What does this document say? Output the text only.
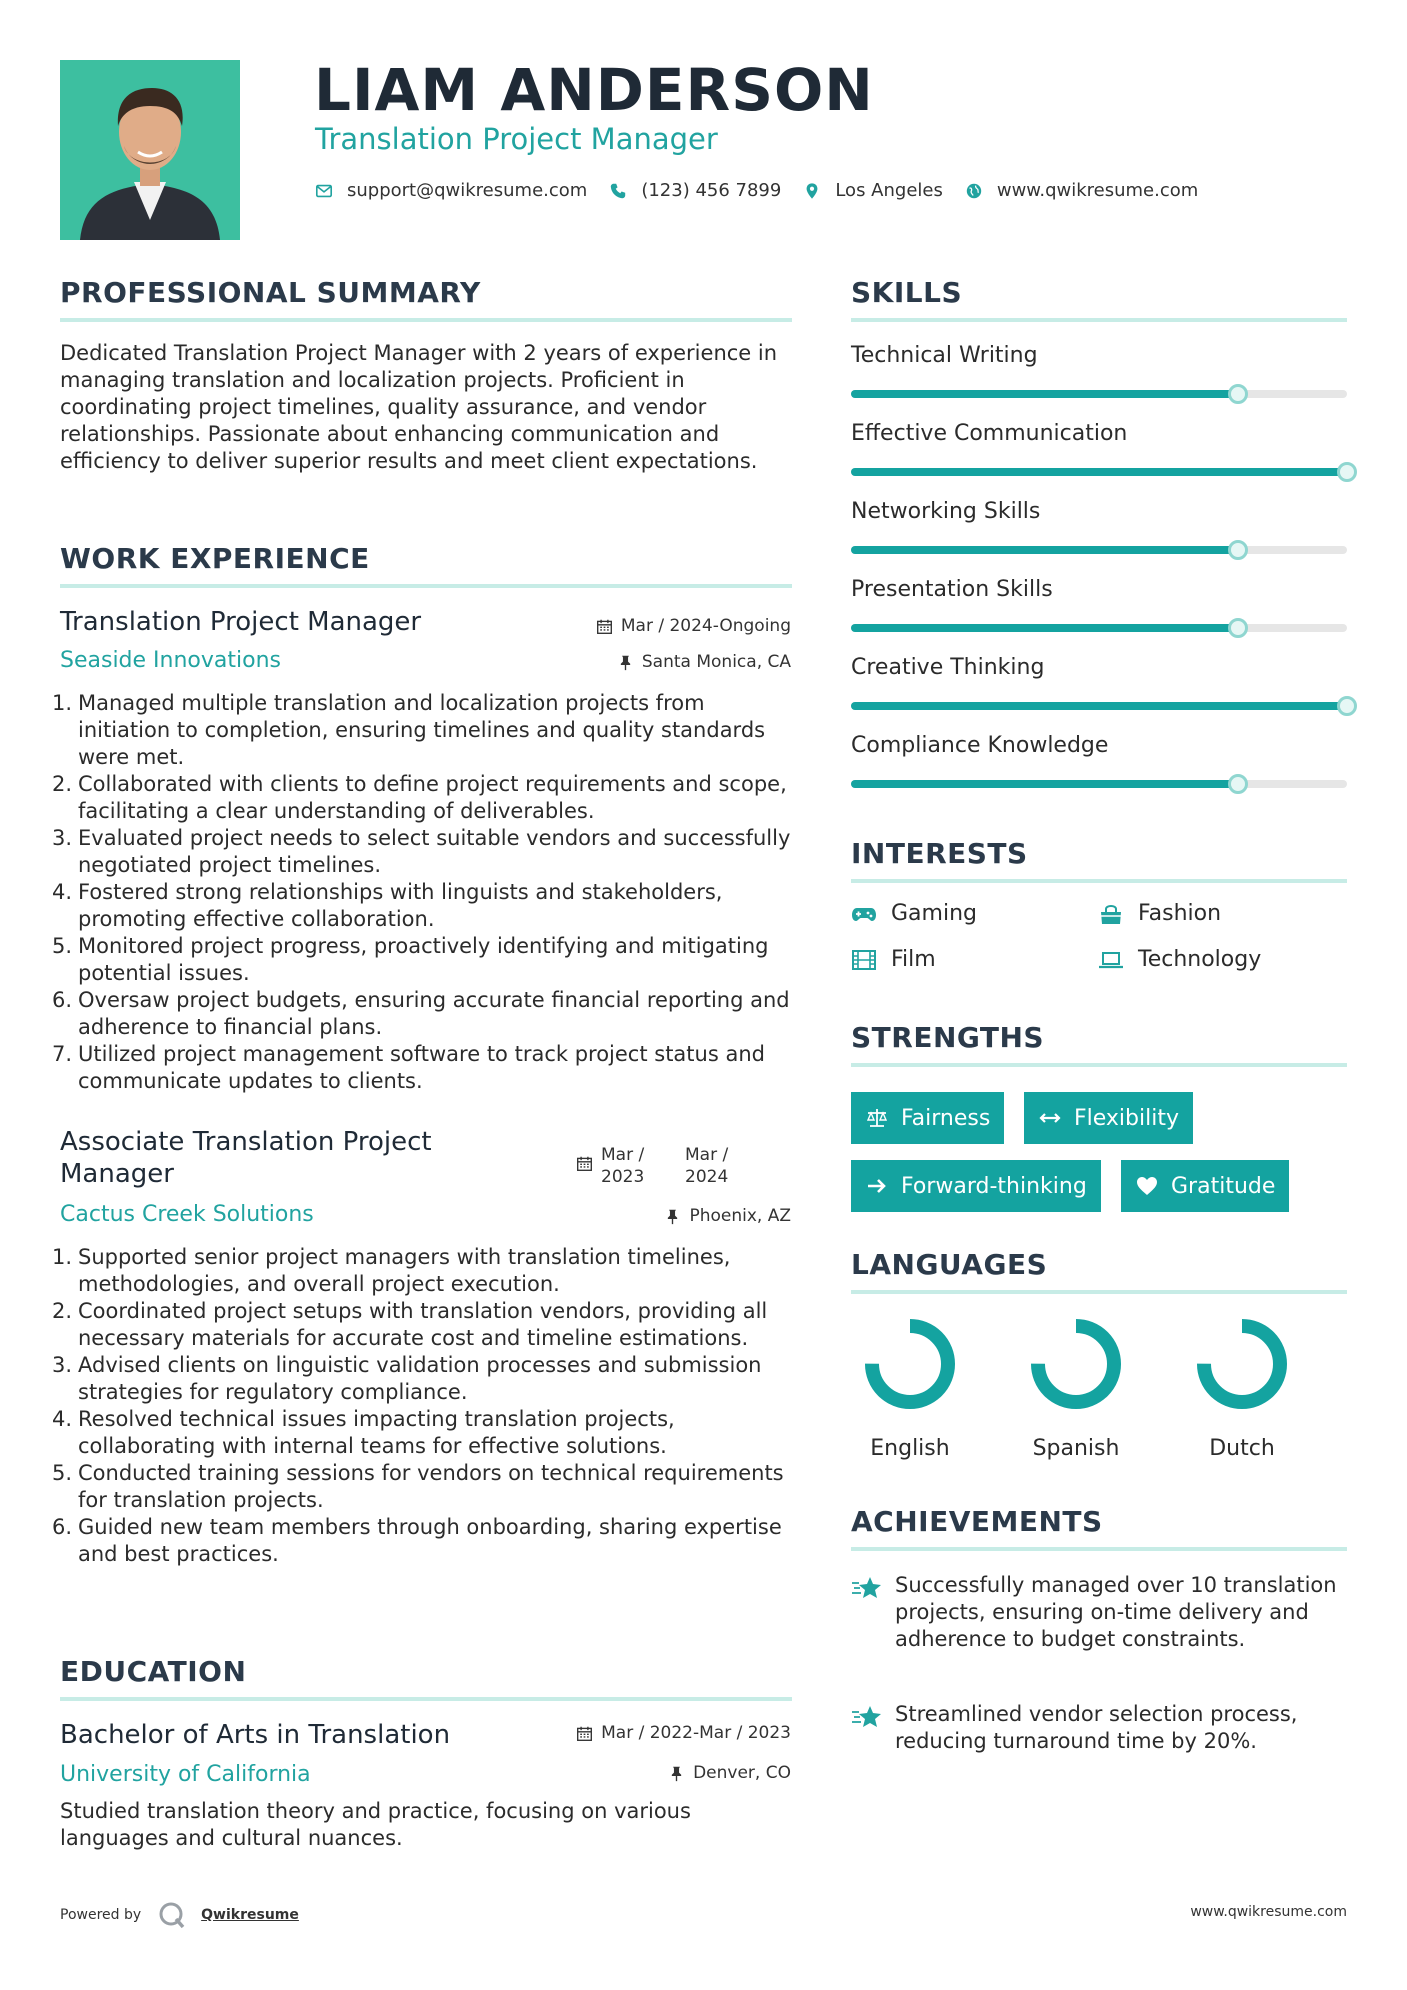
LIAM ANDERSON
Translation Project Manager
support@qwikresume.com	(123) 456 7899	Los Angeles	www.qwikresume.com
PROFESSIONAL SUMMARY
Dedicated Translation Project Manager with 2 years of experience in managing translation and localization projects. Proficient in coordinating project timelines, quality assurance, and vendor relationships. Passionate about enhancing communication and efficiency to deliver superior results and meet client expectations.
WORK EXPERIENCE
Translation Project Manager	Mar / 2024-Ongoing
Seaside Innovations	Santa Monica, CA
1. Managed multiple translation and localization projects from initiation to completion, ensuring timelines and quality standards were met.
2. Collaborated with clients to define project requirements and scope, facilitating a clear understanding of deliverables.
3. Evaluated project needs to select suitable vendors and successfully negotiated project timelines.
4. Fostered strong relationships with linguists and stakeholders, promoting effective collaboration.
5. Monitored project progress, proactively identifying and mitigating potential issues.
6. Oversaw project budgets, ensuring accurate financial reporting and adherence to financial plans.
7. Utilized project management software to track project status and communicate updates to clients.
Associate Translation Project Manager
Mar / 2023
Mar / 2024
Cactus Creek Solutions	Phoenix, AZ
1. Supported senior project managers with translation timelines, methodologies, and overall project execution.
2. Coordinated project setups with translation vendors, providing all necessary materials for accurate cost and timeline estimations.
3. Advised clients on linguistic validation processes and submission strategies for regulatory compliance.
4. Resolved technical issues impacting translation projects, collaborating with internal teams for effective solutions.
5. Conducted training sessions for vendors on technical requirements for translation projects.
6. Guided new team members through onboarding, sharing expertise and best practices.
EDUCATION
Bachelor of Arts in Translation	Mar / 2022-Mar / 2023
University of California	Denver, CO
Studied translation theory and practice, focusing on various languages and cultural nuances.
SKILLS
Technical Writing
Effective Communication
Networking Skills
Presentation Skills
Creative Thinking
Compliance Knowledge
INTERESTS
Gaming	Fashion
Film	Technology
STRENGTHS
Fairness	Flexibility
Forward-thinking	Gratitude
LANGUAGES
English	Spanish	Dutch
ACHIEVEMENTS
Successfully managed over 10 translation projects, ensuring on-time delivery and adherence to budget constraints.
Streamlined vendor selection process, reducing turnaround time by 20%.
Powered by	Qwikresume	www.qwikresume.com
